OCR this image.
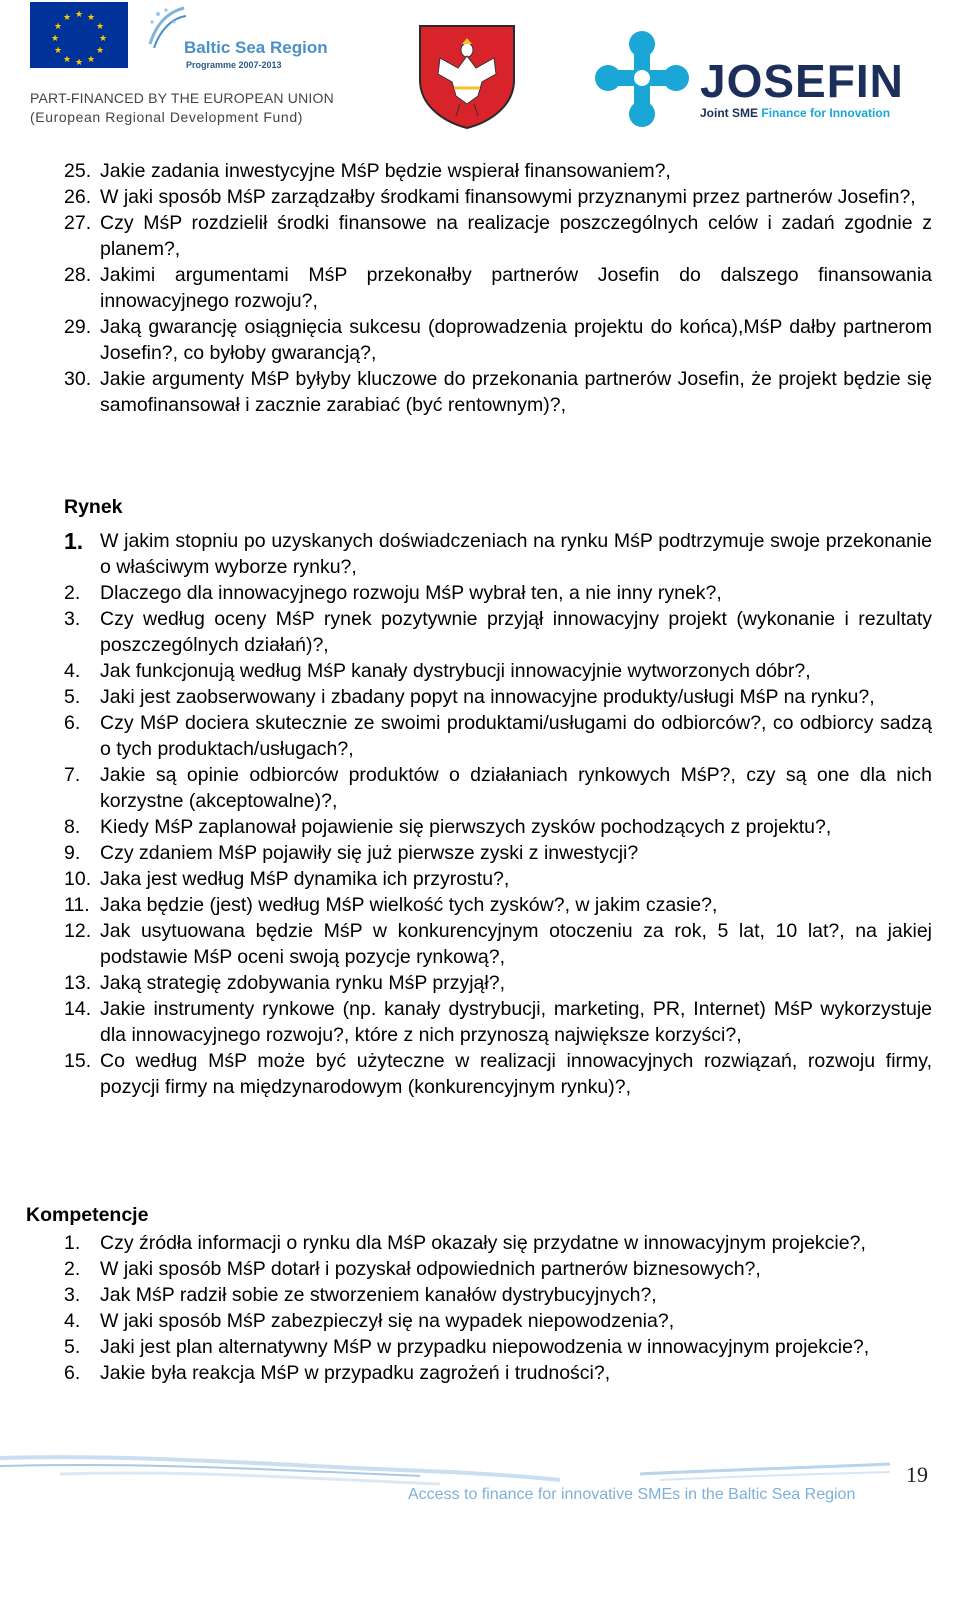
★ ★
★
★
★
★
★
★
★
★
★
★
Baltic Sea Region
Programme 2007-2013
PART-FINANCED BY THE EUROPEAN UNION
(European Regional Development Fund)
JOSEFIN
Joint SME Finance for Innovation
25. Jakie zadania inwestycyjne MśP będzie wspierał finansowaniem?,
26. W jaki sposób MśP zarządzałby środkami finansowymi przyznanymi przez partnerów Josefin?,
27. Czy MśP rozdzielił środki finansowe na realizacje poszczególnych celów i zadań zgodnie z planem?,
28. Jakimi argumentami MśP przekonałby partnerów Josefin do dalszego finansowania innowacyjnego rozwoju?,
29. Jaką gwarancję osiągnięcia sukcesu (doprowadzenia projektu do końca),MśP dałby partnerom Josefin?, co byłoby gwarancją?,
30. Jakie argumenty MśP byłyby kluczowe do przekonania partnerów Josefin, że projekt będzie się samofinansował i zacznie zarabiać (być rentownym)?,
Rynek
1. W jakim stopniu po uzyskanych doświadczeniach na rynku MśP podtrzymuje swoje przekonanie o właściwym wyborze rynku?,
2. Dlaczego dla innowacyjnego rozwoju MśP wybrał ten, a nie inny rynek?,
3. Czy według oceny MśP rynek pozytywnie przyjął innowacyjny projekt (wykonanie i rezultaty poszczególnych działań)?,
4. Jak funkcjonują według MśP kanały dystrybucji innowacyjnie wytworzonych dóbr?,
5. Jaki jest zaobserwowany i zbadany popyt na innowacyjne produkty/usługi MśP na rynku?,
6. Czy MśP dociera skutecznie ze swoimi produktami/usługami do odbiorców?, co odbiorcy sadzą o tych produktach/usługach?,
7. Jakie są opinie odbiorców produktów o działaniach rynkowych MśP?, czy są one dla nich korzystne (akceptowalne)?,
8. Kiedy MśP zaplanował pojawienie się pierwszych zysków pochodzących z projektu?,
9. Czy zdaniem MśP pojawiły się już pierwsze zyski z inwestycji?
10. Jaka jest według MśP dynamika ich przyrostu?,
11. Jaka będzie (jest) według MśP wielkość tych zysków?, w jakim czasie?,
12. Jak usytuowana będzie MśP w konkurencyjnym otoczeniu za rok, 5 lat, 10 lat?, na jakiej podstawie MśP oceni swoją pozycje rynkową?,
13. Jaką strategię zdobywania rynku MśP przyjął?,
14. Jakie instrumenty rynkowe (np. kanały dystrybucji, marketing, PR, Internet) MśP wykorzystuje dla innowacyjnego rozwoju?, które z nich przynoszą największe korzyści?,
15. Co według MśP może być użyteczne w realizacji innowacyjnych rozwiązań, rozwoju firmy, pozycji firmy na międzynarodowym (konkurencyjnym rynku)?,
Kompetencje
1. Czy źródła informacji o rynku dla MśP okazały się przydatne w innowacyjnym projekcie?,
2. W jaki sposób MśP dotarł i pozyskał odpowiednich partnerów biznesowych?,
3. Jak MśP radził sobie ze stworzeniem kanałów dystrybucyjnych?,
4. W jaki sposób MśP zabezpieczył się na wypadek niepowodzenia?,
5. Jaki jest plan alternatywny MśP w przypadku niepowodzenia w innowacyjnym projekcie?,
6. Jakie była reakcja MśP w przypadku zagrożeń i trudności?,
Access to finance for innovative SMEs in the Baltic Sea Region
19
